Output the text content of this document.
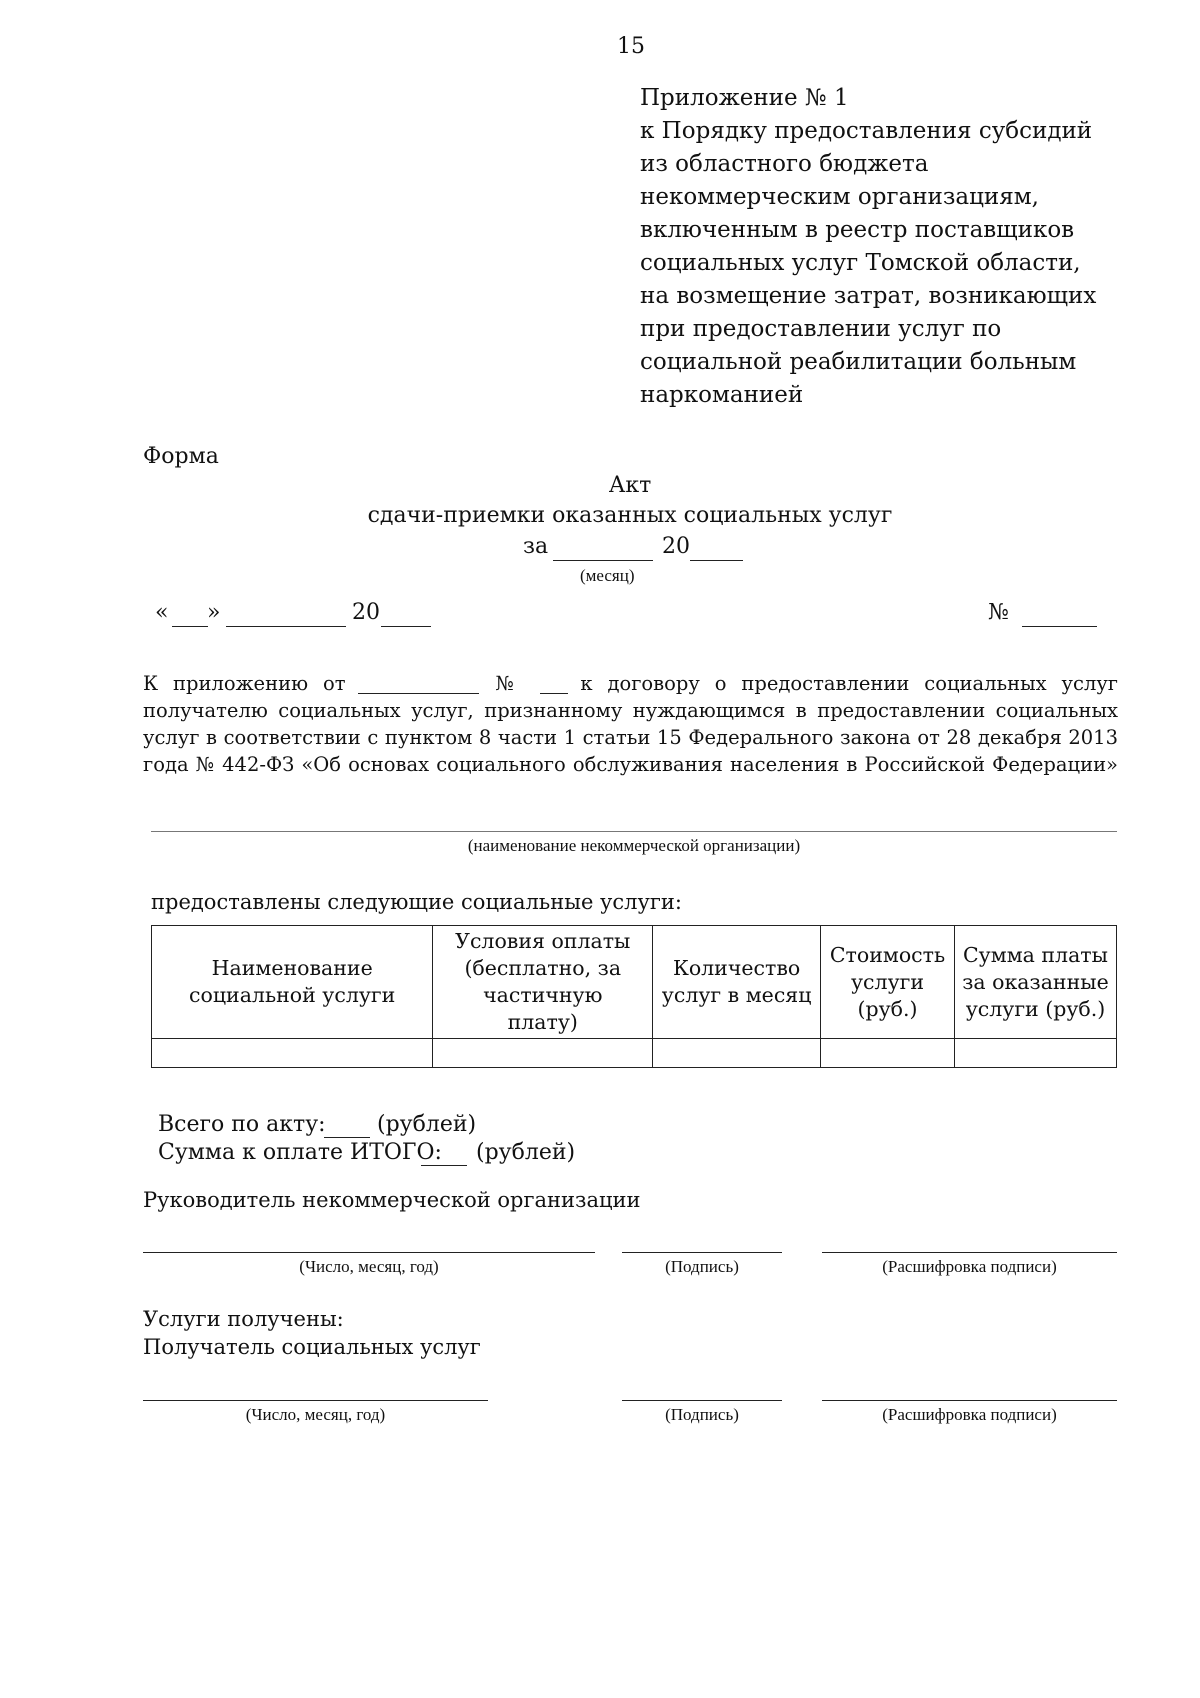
15
Приложение № 1
к Порядку предоставления субсидий
из областного бюджета
некоммерческим организациям,
включенным в реестр поставщиков
социальных услуг Томской области,
на возмещение затрат, возникающих
при предоставлении услуг по
социальной реабилитации больным
наркоманией
Форма
Акт
сдачи-приемки оказанных социальных услуг
за	20
(месяц)
« »	20	№
К приложению от	№	к договору о предоставлении социальных услуг
получателю социальных услуг, признанному нуждающимся в предоставлении социальных
услуг в соответствии с пунктом 8 части 1 статьи 15 Федерального закона от 28 декабря 2013
года № 442-ФЗ «Об основах социального обслуживания населения в Российской Федерации»
(наименование некоммерческой организации)
предоставлены следующие социальные услуги:
Наименование социальной услуги	Условия оплаты (бесплатно, за частичную плату)	Количество услуг в месяц	Стоимость услуги (руб.)	Сумма платы за оказанные услуги (руб.)

Всего по акту: (рублей)
Сумма к оплате ИТОГО: (рублей)
Руководитель некоммерческой организации
(Число, месяц, год)	(Подпись)	(Расшифровка подписи)
Услуги получены:
Получатель социальных услуг
(Число, месяц, год)	(Подпись)	(Расшифровка подписи)
